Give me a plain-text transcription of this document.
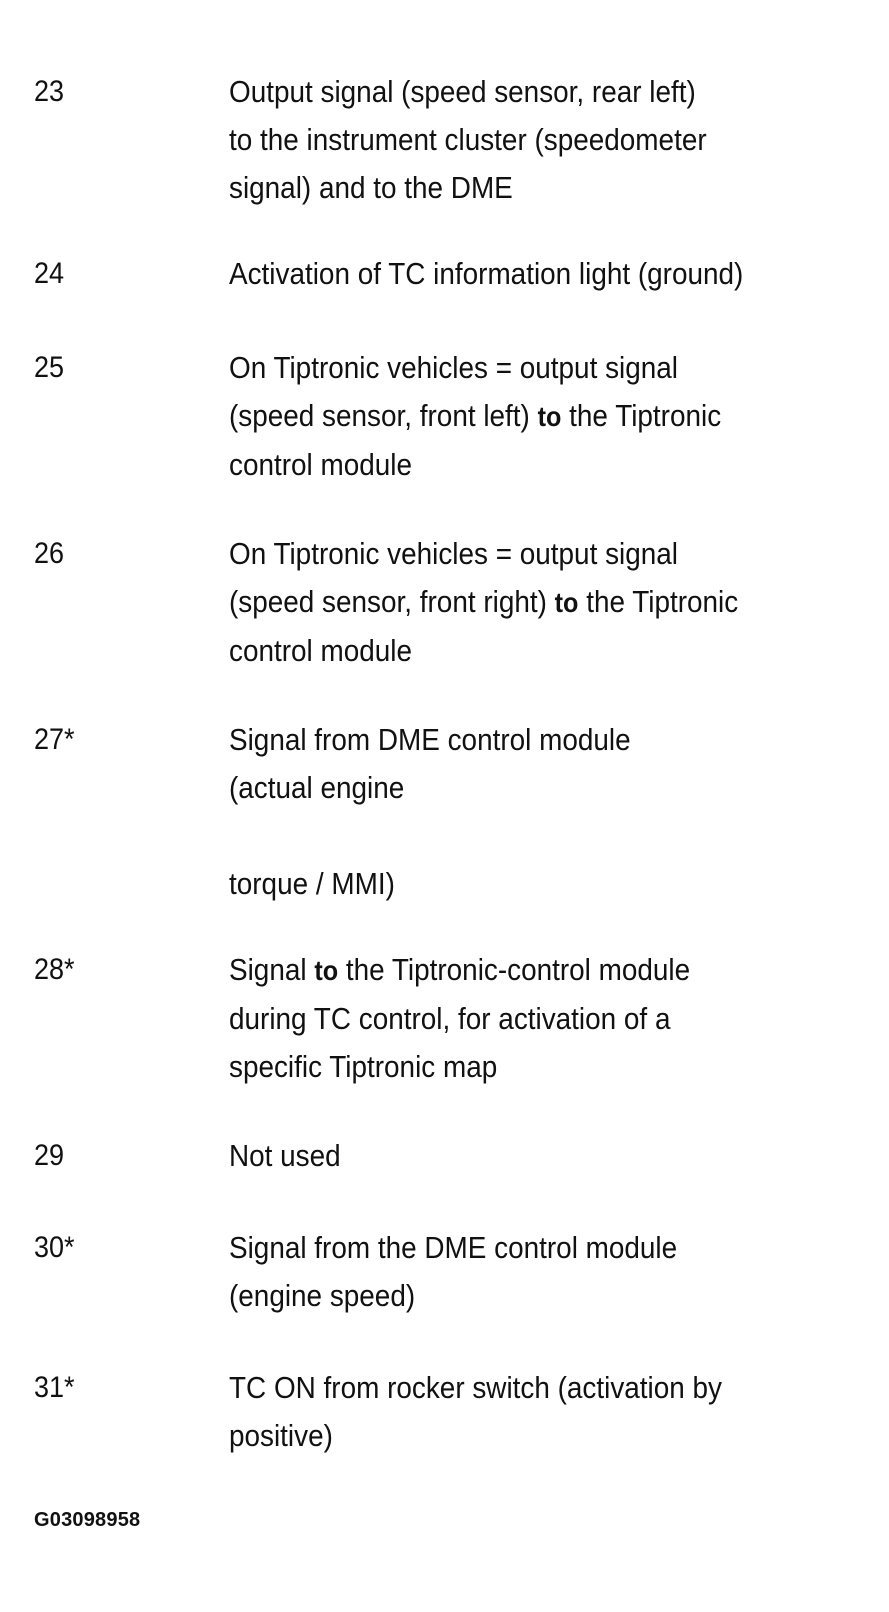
23	Output signal (speed sensor, rear left)
to the instrument cluster (speedometer
signal) and to the DME
24	Activation of TC information light (ground)
25	On Tiptronic vehicles = output signal
(speed sensor, front left) to the Tiptronic
control module
26	On Tiptronic vehicles = output signal
(speed sensor, front right) to the Tiptronic
control module
27*	Signal from DME control module
(actual engine
torque / MMI)
28*	Signal to the Tiptronic-control module
during TC control, for activation of a
specific Tiptronic map
29	Not used
30*	Signal from the DME control module
(engine speed)
31*	TC ON from rocker switch (activation by
positive)
G03098958
